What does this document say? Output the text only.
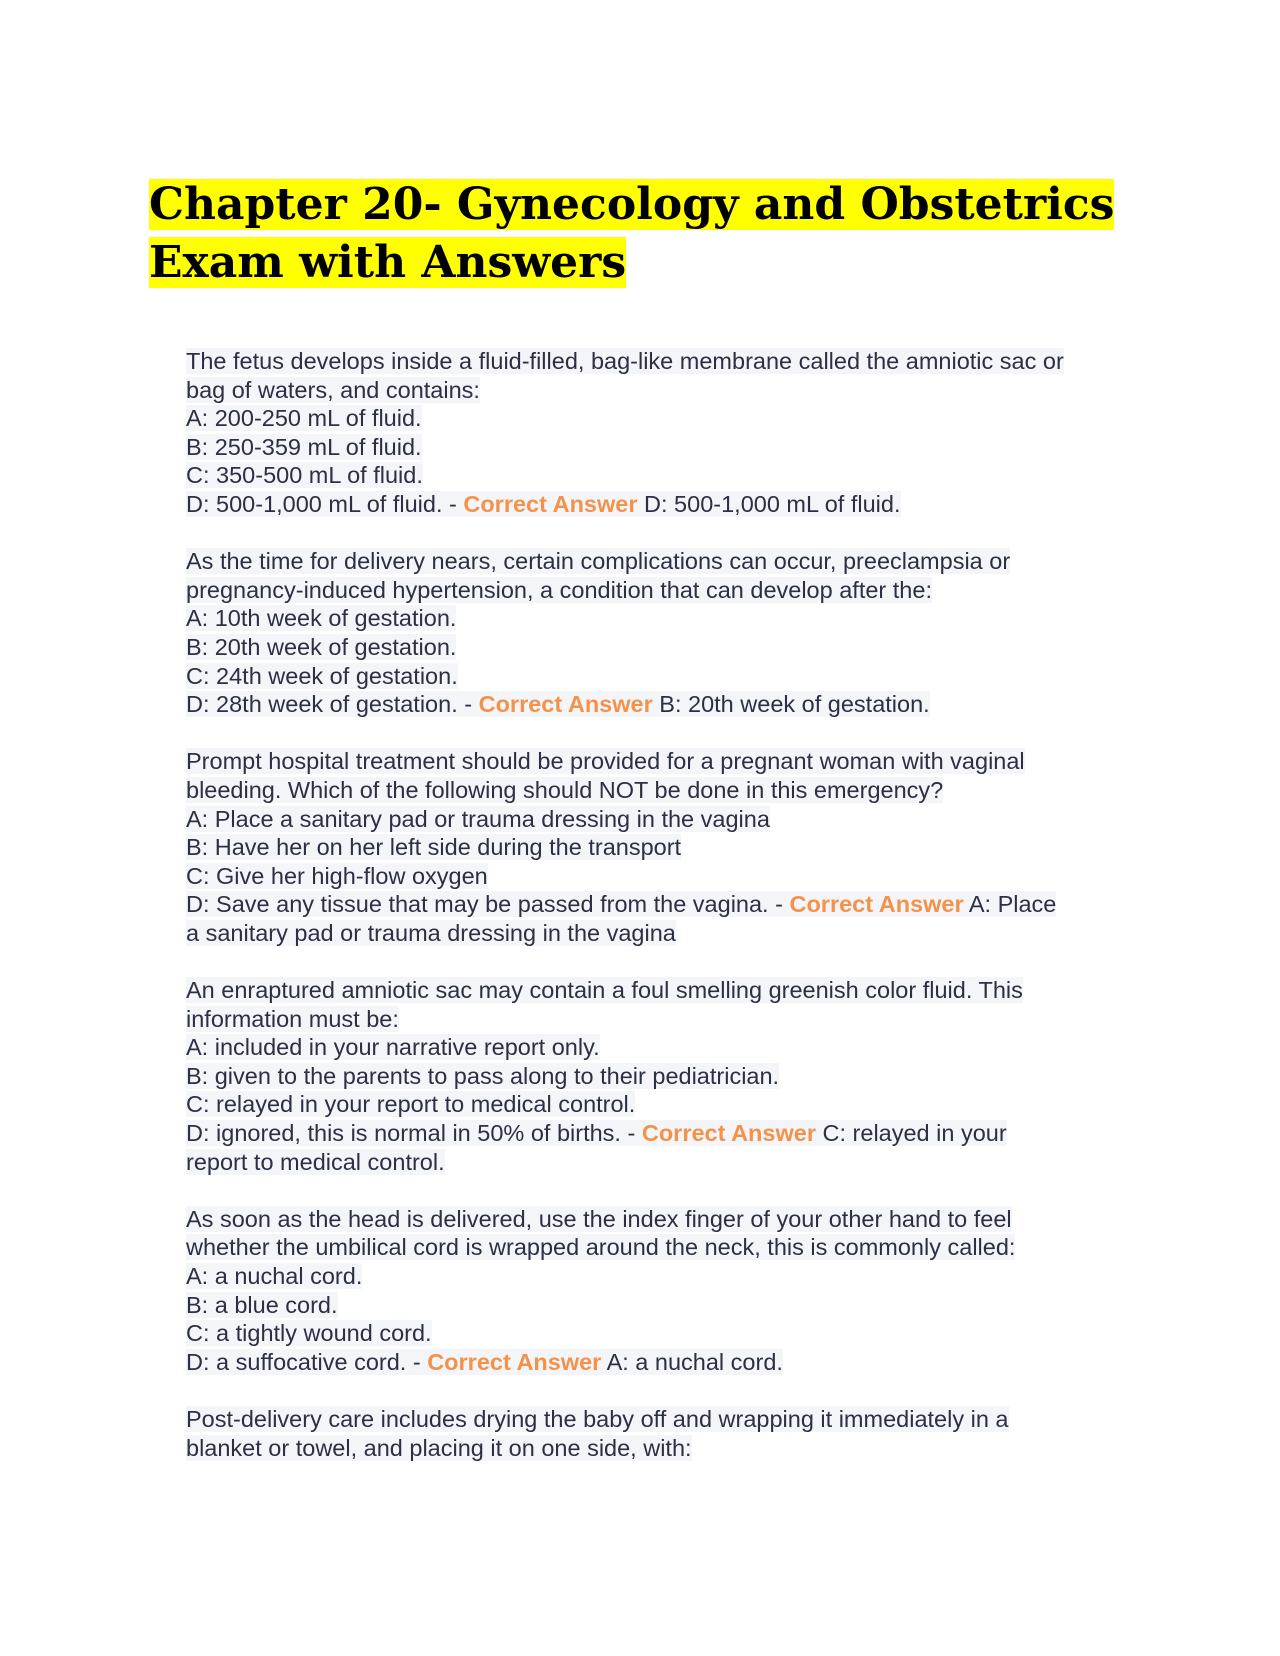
Chapter 20- Gynecology and Obstetrics
Exam with Answers
The fetus develops inside a fluid-filled, bag-like membrane called the amniotic sac or
bag of waters, and contains:
A: 200-250 mL of fluid.
B: 250-359 mL of fluid.
C: 350-500 mL of fluid.
D: 500-1,000 mL of fluid. - Correct Answer D: 500-1,000 mL of fluid.
As the time for delivery nears, certain complications can occur, preeclampsia or
pregnancy-induced hypertension, a condition that can develop after the:
A: 10th week of gestation.
B: 20th week of gestation.
C: 24th week of gestation.
D: 28th week of gestation. - Correct Answer B: 20th week of gestation.
Prompt hospital treatment should be provided for a pregnant woman with vaginal
bleeding. Which of the following should NOT be done in this emergency?
A: Place a sanitary pad or trauma dressing in the vagina
B: Have her on her left side during the transport
C: Give her high-flow oxygen
D: Save any tissue that may be passed from the vagina. - Correct Answer A: Place
a sanitary pad or trauma dressing in the vagina
An enraptured amniotic sac may contain a foul smelling greenish color fluid. This
information must be:
A: included in your narrative report only.
B: given to the parents to pass along to their pediatrician.
C: relayed in your report to medical control.
D: ignored, this is normal in 50% of births. - Correct Answer C: relayed in your
report to medical control.
As soon as the head is delivered, use the index finger of your other hand to feel
whether the umbilical cord is wrapped around the neck, this is commonly called:
A: a nuchal cord.
B: a blue cord.
C: a tightly wound cord.
D: a suffocative cord. - Correct Answer A: a nuchal cord.
Post-delivery care includes drying the baby off and wrapping it immediately in a
blanket or towel, and placing it on one side, with:
